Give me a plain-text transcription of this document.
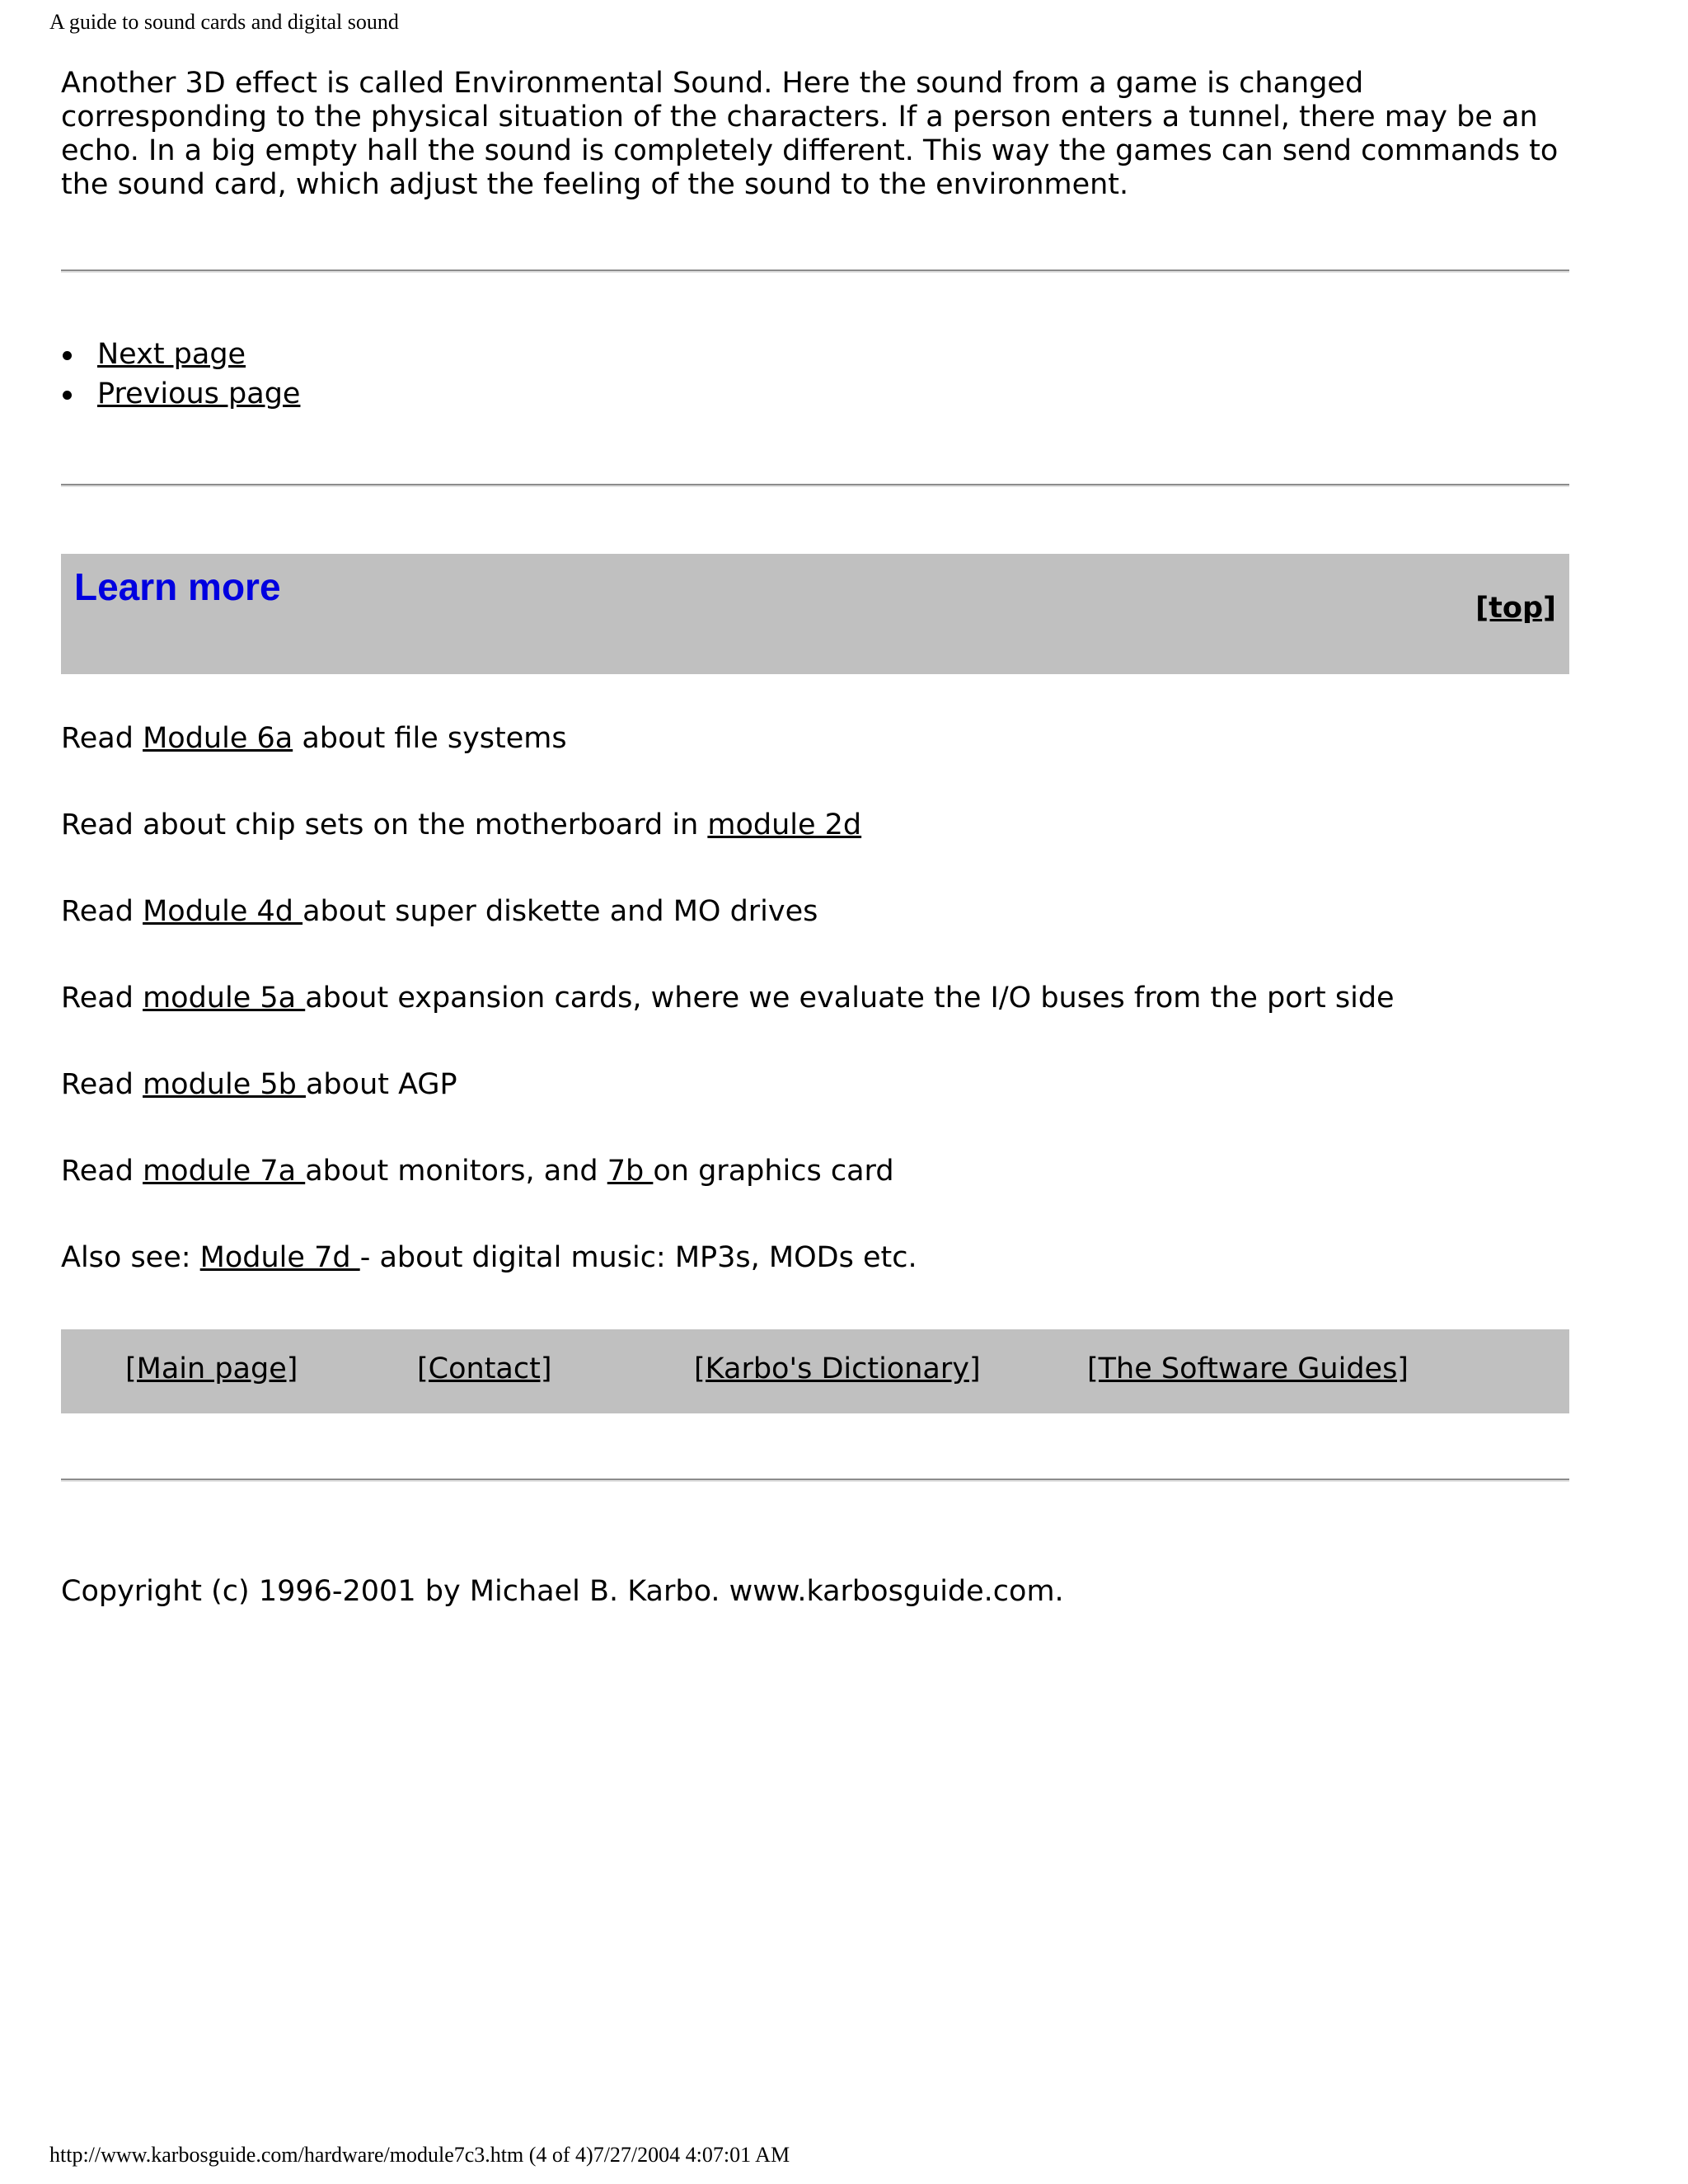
A guide to sound cards and digital sound

Another 3D effect is called Environmental Sound. Here the sound from a game is changed corresponding to the physical situation of the characters. If a person enters a tunnel, there may be an echo. In a big empty hall the sound is completely different. This way the games can send commands to the sound card, which adjust the feeling of the sound to the environment.

Next page
Previous page
Learn more	[top]
Read Module 6a about file systems
Read about chip sets on the motherboard in module 2d
Read Module 4d about super diskette and MO drives
Read module 5a about expansion cards, where we evaluate the I/O buses from the port side
Read module 5b about AGP
Read module 7a about monitors, and 7b on graphics card
Also see: Module 7d - about digital music: MP3s, MODs etc.
[Main page]	[Contact]	[Karbo's Dictionary]	[The Software Guides]
Copyright (c) 1996-2001 by Michael B. Karbo. www.karbosguide.com.
http://www.karbosguide.com/hardware/module7c3.htm (4 of 4)7/27/2004 4:07:01 AM
